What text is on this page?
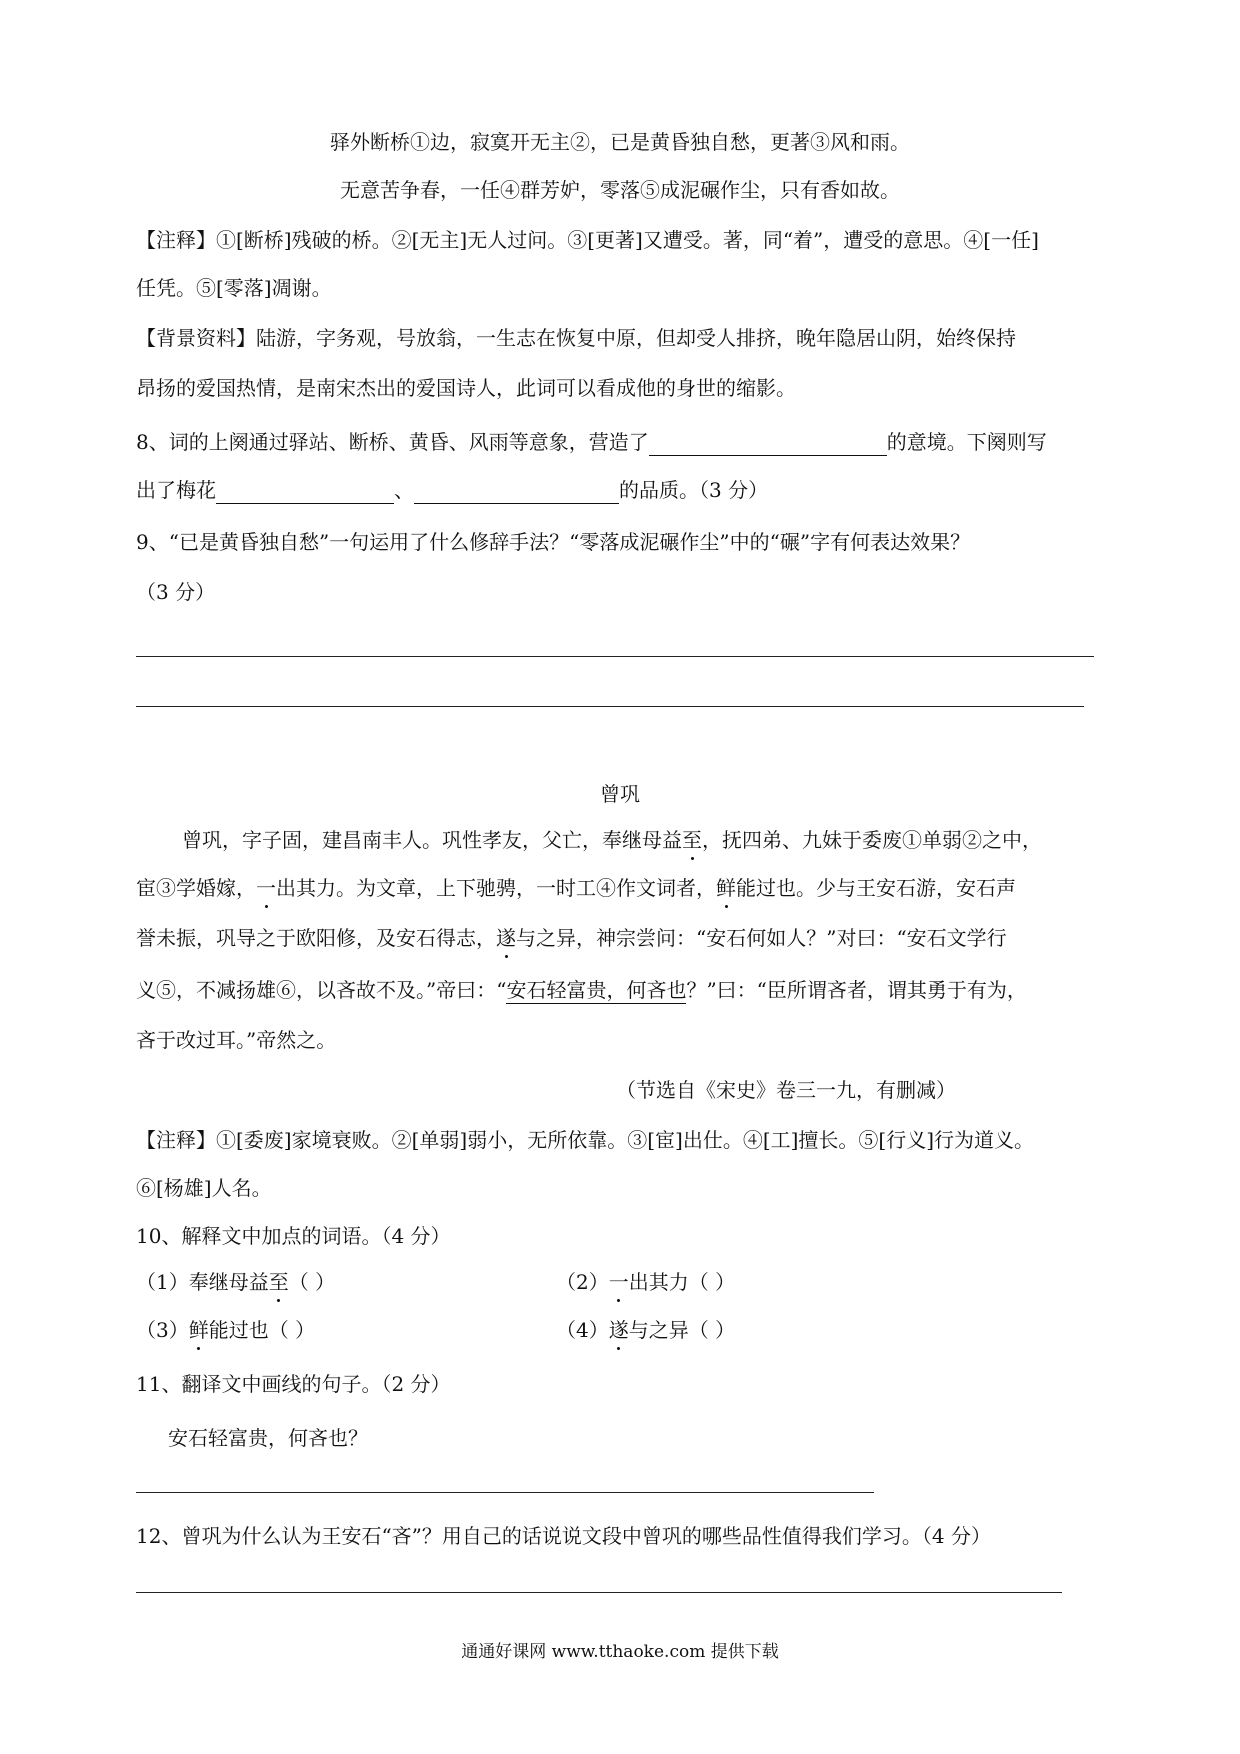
驿外断桥①边，寂寞开无主②，已是黄昏独自愁，更著③风和雨。
无意苦争春，一任④群芳妒，零落⑤成泥碾作尘，只有香如故。
【注释】①[断桥]残破的桥。②[无主]无人过问。③[更著]又遭受。著，同“着”，遭受的意思。④[一任]
任凭。⑤[零落]凋谢。
【背景资料】陆游，字务观，号放翁，一生志在恢复中原，但却受人排挤，晚年隐居山阴，始终保持
昂扬的爱国热情，是南宋杰出的爱国诗人，此词可以看成他的身世的缩影。
8、词的上阕通过驿站、断桥、黄昏、风雨等意象，营造了	的意境。下阕则写
出了梅花	、	的品质。（3 分）
9、“已是黄昏独自愁”一句运用了什么修辞手法？“零落成泥碾作尘”中的“碾”字有何表达效果？
（3 分）
曾巩
曾巩，字子固，建昌南丰人。巩性孝友，父亡，奉继母益至，抚四弟、九妹于委废①单弱②之中，
宦③学婚嫁，一出其力。为文章，上下驰骋，一时工④作文词者，鲜能过也。少与王安石游，安石声
誉未振，巩导之于欧阳修，及安石得志，遂与之异，神宗尝问：“安石何如人？”对曰：“安石文学行
义⑤，不减扬雄⑥，以吝故不及。”帝曰：“安石轻富贵，何吝也？”曰：“臣所谓吝者，谓其勇于有为，
吝于改过耳。”帝然之。
（节选自《宋史》卷三一九，有删减）
【注释】①[委废]家境衰败。②[单弱]弱小，无所依靠。③[宦]出仕。④[工]擅长。⑤[行义]行为道义。
⑥[杨雄]人名。
10、解释文中加点的词语。（4 分）
（1）奉继母益至（ ）	（2）一出其力（ ）
（3）鲜能过也（ ）	（4）遂与之异（ ）
11、翻译文中画线的句子。（2 分）
安石轻富贵，何吝也？
12、曾巩为什么认为王安石“吝”？用自己的话说说文段中曾巩的哪些品性值得我们学习。（4 分）
通通好课网 www.tthaoke.com 提供下载
